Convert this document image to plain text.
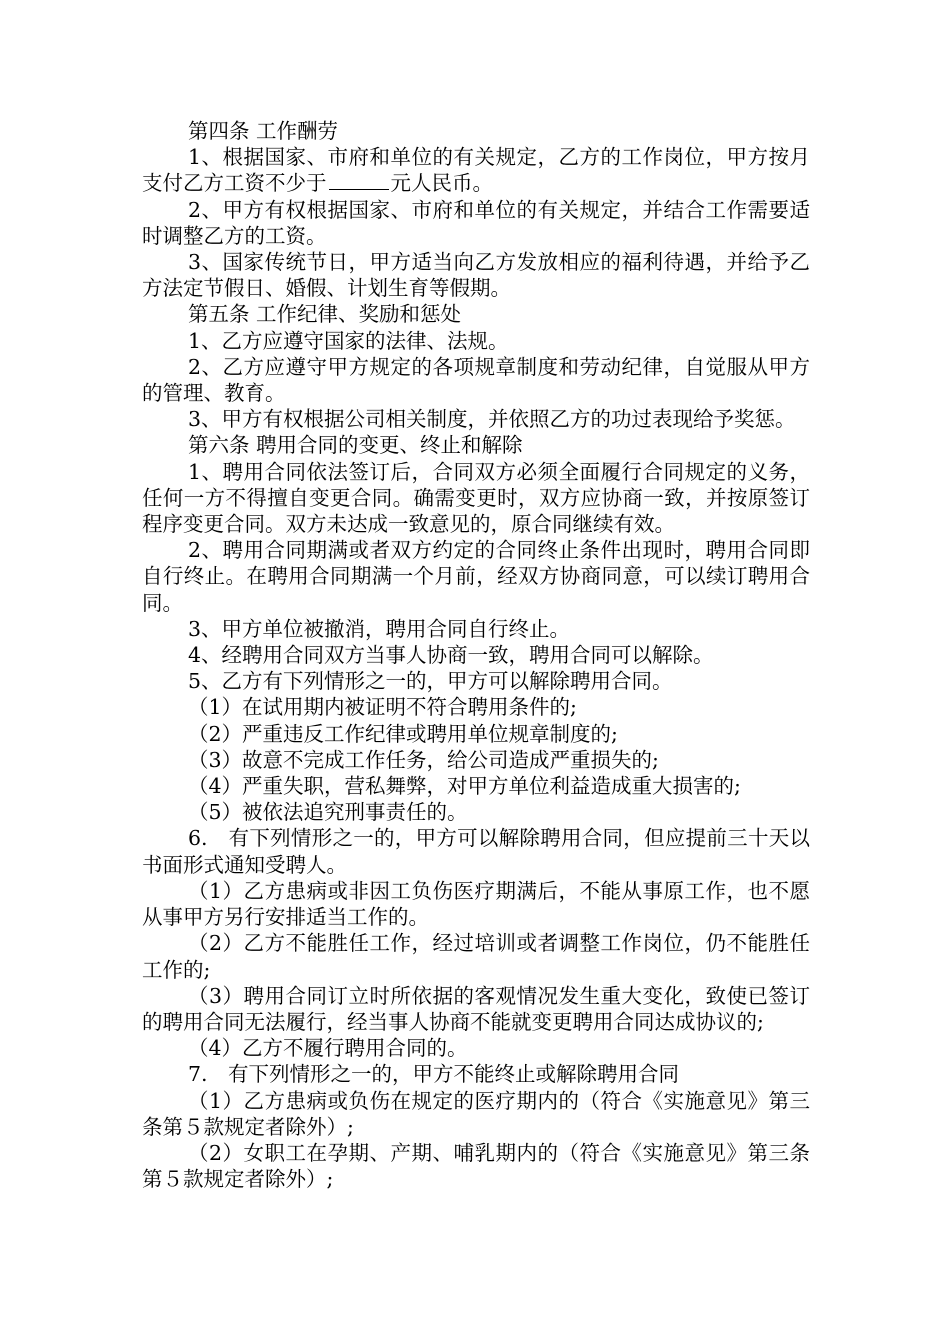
第四条 工作酬劳

1、根据国家、市府和单位的有关规定，乙方的工作岗位，甲方按月支付乙方工资不少于	元人民币。

2、甲方有权根据国家、市府和单位的有关规定，并结合工作需要适时调整乙方的工资。

3、国家传统节日，甲方适当向乙方发放相应的福利待遇，并给予乙方法定节假日、婚假、计划生育等假期。

第五条 工作纪律、奖励和惩处

1、乙方应遵守国家的法律、法规。

2、乙方应遵守甲方规定的各项规章制度和劳动纪律，自觉服从甲方的管理、教育。

3、甲方有权根据公司相关制度，并依照乙方的功过表现给予奖惩。

第六条 聘用合同的变更、终止和解除

1、聘用合同依法签订后，合同双方必须全面履行合同规定的义务，任何一方不得擅自变更合同。确需变更时，双方应协商一致，并按原签订程序变更合同。双方未达成一致意见的，原合同继续有效。

2、聘用合同期满或者双方约定的合同终止条件出现时，聘用合同即自行终止。在聘用合同期满一个月前，经双方协商同意，可以续订聘用合同。

3、甲方单位被撤消，聘用合同自行终止。

4、经聘用合同双方当事人协商一致，聘用合同可以解除。

5、乙方有下列情形之一的，甲方可以解除聘用合同。

（1）在试用期内被证明不符合聘用条件的;

（2）严重违反工作纪律或聘用单位规章制度的;

（3）故意不完成工作任务，给公司造成严重损失的;

（4）严重失职，营私舞弊，对甲方单位利益造成重大损害的;

（5）被依法追究刑事责任的。

6.　有下列情形之一的，甲方可以解除聘用合同，但应提前三十天以书面形式通知受聘人。

（1）乙方患病或非因工负伤医疗期满后，不能从事原工作，也不愿从事甲方另行安排适当工作的。

（2）乙方不能胜任工作，经过培训或者调整工作岗位，仍不能胜任工作的;

（3）聘用合同订立时所依据的客观情况发生重大变化，致使已签订的聘用合同无法履行，经当事人协商不能就变更聘用合同达成协议的;

（4）乙方不履行聘用合同的。

7.　有下列情形之一的，甲方不能终止或解除聘用合同

（1）乙方患病或负伤在规定的医疗期内的（符合《实施意见》第三条第５款规定者除外）;

（2）女职工在孕期、产期、哺乳期内的（符合《实施意见》第三条第５款规定者除外）;
